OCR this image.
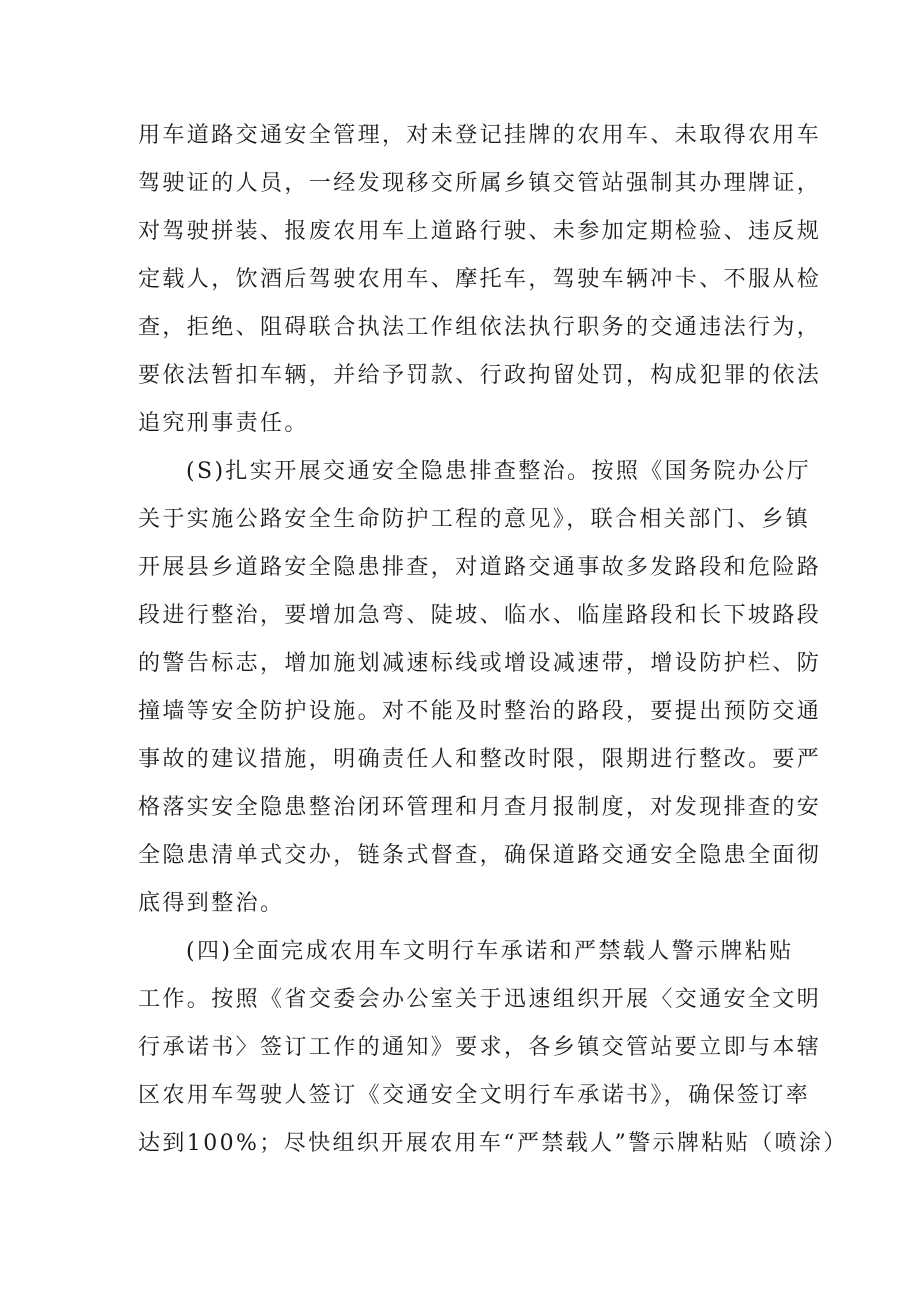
用车道路交通安全管理，对未登记挂牌的农用车、未取得农用车
驾驶证的人员，一经发现移交所属乡镇交管站强制其办理牌证，
对驾驶拼装、报废农用车上道路行驶、未参加定期检验、违反规
定载人，饮酒后驾驶农用车、摩托车，驾驶车辆冲卡、不服从检
查，拒绝、阻碍联合执法工作组依法执行职务的交通违法行为，
要依法暂扣车辆，并给予罚款、行政拘留处罚，构成犯罪的依法
追究刑事责任。
(S)扎实开展交通安全隐患排查整治。按照《国务院办公厅
关于实施公路安全生命防护工程的意见》，联合相关部门、乡镇
开展县乡道路安全隐患排查，对道路交通事故多发路段和危险路
段进行整治，要增加急弯、陡坡、临水、临崖路段和长下坡路段
的警告标志，增加施划减速标线或增设减速带，增设防护栏、防
撞墙等安全防护设施。对不能及时整治的路段，要提出预防交通
事故的建议措施，明确责任人和整改时限，限期进行整改。要严
格落实安全隐患整治闭环管理和月查月报制度，对发现排查的安
全隐患清单式交办，链条式督查，确保道路交通安全隐患全面彻
底得到整治。
(四)全面完成农用车文明行车承诺和严禁载人警示牌粘贴
工作。按照《省交委会办公室关于迅速组织开展〈交通安全文明
行承诺书〉签订工作的通知》要求，各乡镇交管站要立即与本辖
区农用车驾驶人签订《交通安全文明行车承诺书》，确保签订率
达到100%；尽快组织开展农用车“严禁载人”警示牌粘贴（喷涂）
